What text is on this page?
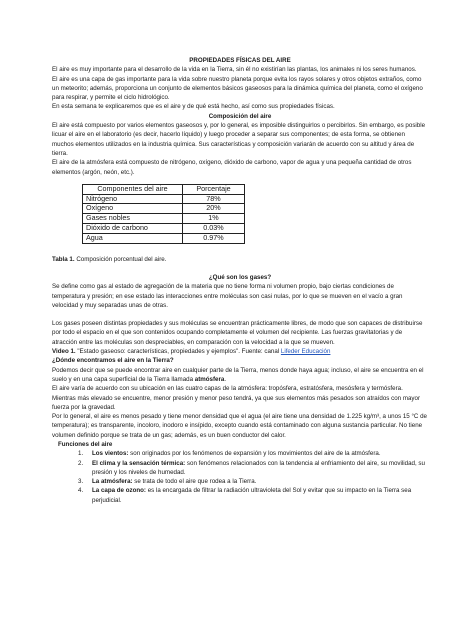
PROPIEDADES FÍSICAS DEL AIRE

El aire es muy importante para el desarrollo de la vida en la Tierra, sin él no existirían las plantas, los animales ni los seres humanos.

El aire es una capa de gas importante para la vida sobre nuestro planeta porque evita los rayos solares y otros objetos extraños, como un meteorito; además, proporciona un conjunto de elementos básicos gaseosos para la dinámica química del planeta, como el oxígeno para respirar, y permite el ciclo hidrológico.

En esta semana te explicaremos que es el aire y de qué está hecho, así como sus propiedades físicas.

Composición del aire

El aire está compuesto por varios elementos gaseosos y, por lo general, es imposible distinguirlos o percibirlos. Sin embargo, es posible licuar el aire en el laboratorio (es decir, hacerlo líquido) y luego proceder a separar sus componentes; de esta forma, se obtienen muchos elementos utilizados en la industria química. Sus características y composición variarán de acuerdo con su altitud y área de tierra.

El aire de la atmósfera está compuesto de nitrógeno, oxígeno, dióxido de carbono, vapor de agua y una pequeña cantidad de otros elementos (argón, neón, etc.).

Componentes del aire	Porcentaje
Nitrógeno	78%
Oxígeno	20%
Gases nobles	1%
Dióxido de carbono	0.03%
Agua	0.97%

Tabla 1. Composición porcentual del aire.

¿Qué son los gases?

Se define como gas al estado de agregación de la materia que no tiene forma ni volumen propio, bajo ciertas condiciones de temperatura y presión; en ese estado las interacciones entre moléculas son casi nulas, por lo que se mueven en el vacío a gran velocidad y muy separadas unas de otras.

Los gases poseen distintas propiedades y sus moléculas se encuentran prácticamente libres, de modo que son capaces de distribuirse por todo el espacio en el que son contenidos ocupando completamente el volumen del recipiente. Las fuerzas gravitatorias y de atracción entre las moléculas son despreciables, en comparación con la velocidad a la que se mueven.

Video 1. "Estado gaseoso: características, propiedades y ejemplos". Fuente: canal Lifeder Educación

¿Dónde encontramos el aire en la Tierra?

Podemos decir que se puede encontrar aire en cualquier parte de la Tierra, menos donde haya agua; incluso, el aire se encuentra en el suelo y en una capa superficial de la Tierra llamada atmósfera.

El aire varía de acuerdo con su ubicación en las cuatro capas de la atmósfera: tropósfera, estratósfera, mesósfera y termósfera. Mientras más elevado se encuentre, menor presión y menor peso tendrá, ya que sus elementos más pesados son atraídos con mayor fuerza por la gravedad.

Por lo general, el aire es menos pesado y tiene menor densidad que el agua (el aire tiene una densidad de 1.225 kg/m³, a unos 15 °C de temperatura); es transparente, incoloro, inodoro e insípido, excepto cuando está contaminado con alguna sustancia particular. No tiene volumen definido porque se trata de un gas; además, es un buen conductor del calor.

Funciones del aire

1. Los vientos: son originados por los fenómenos de expansión y los movimientos del aire de la atmósfera.

2. El clima y la sensación térmica: son fenómenos relacionados con la tendencia al enfriamiento del aire, su movilidad, su presión y los niveles de humedad.

3. La atmósfera: se trata de todo el aire que rodea a la Tierra.

4. La capa de ozono: es la encargada de filtrar la radiación ultravioleta del Sol y evitar que su impacto en la Tierra sea perjudicial.
